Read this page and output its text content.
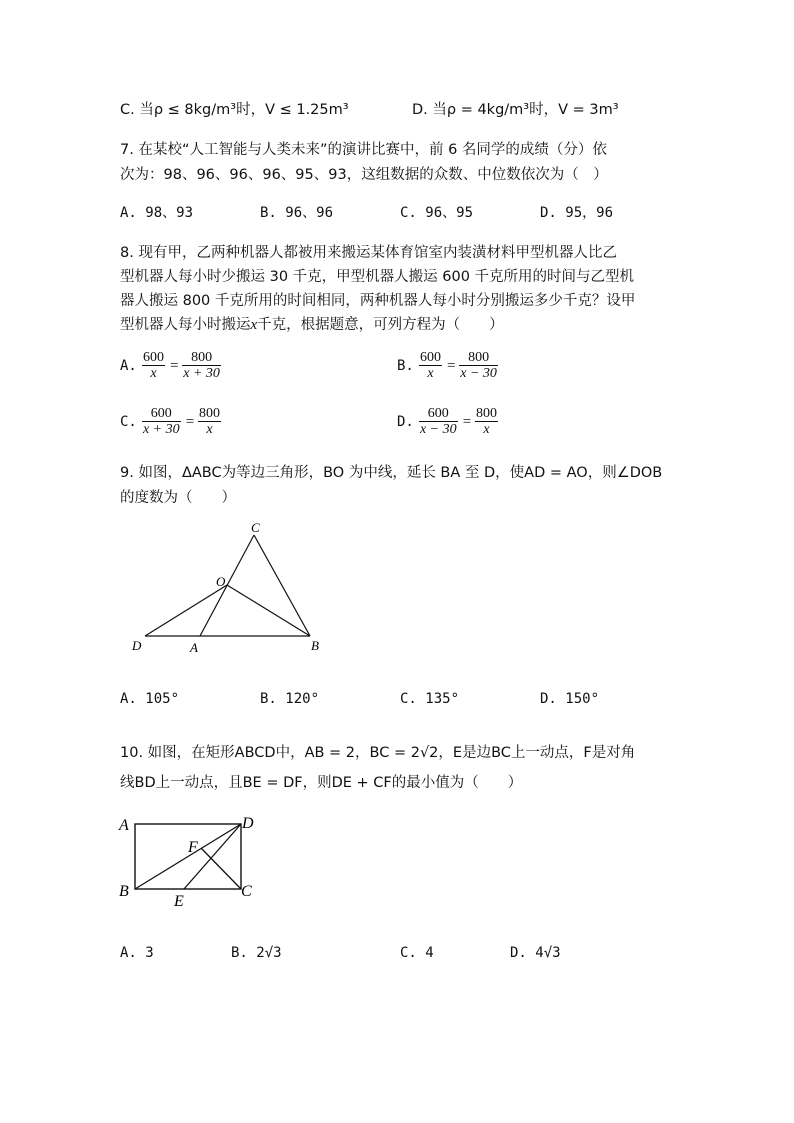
C. 当ρ ≤ 8kg/m³时，V ≤ 1.25m³	D. 当ρ = 4kg/m³时，V = 3m³
7. 在某校“人工智能与人类未来”的演讲比赛中，前 6 名同学的成绩（分）依
次为：98、96、96、96、95、93，这组数据的众数、中位数依次为（　）
A. 98、93	B. 96、96	C. 96、95	D. 95，96
8. 现有甲，乙两种机器人都被用来搬运某体育馆室内装潢材料甲型机器人比乙
型机器人每小时少搬运 30 千克，甲型机器人搬运 600 千克所用的时间与乙型机
器人搬运 800 千克所用的时间相同，两种机器人每小时分别搬运多少千克？设甲
型机器人每小时搬运x千克，根据题意，可列方程为（　　）
A. $\frac{600}{x} = \frac{800}{x + 30}$	B. $\frac{600}{x} = \frac{800}{x - 30}$
C. $\frac{600}{x + 30} = \frac{800}{x}$	D. $\frac{600}{x - 30} = \frac{800}{x}$
9. 如图，ΔABC为等边三角形，BO 为中线，延长 BA 至 D，使AD = AO，则∠DOB
的度数为（　　）
C
O
D	A	B
A. 105°	B. 120°	C. 135°	D. 150°
10. 如图，在矩形ABCD中，AB = 2，BC = 2√2，E是边BC上一动点，F是对角
线BD上一动点，且BE = DF，则DE + CF的最小值为（　　）
A	D
F
B
E
C
A. 3	B. 2√3	C. 4	D. 4√3
